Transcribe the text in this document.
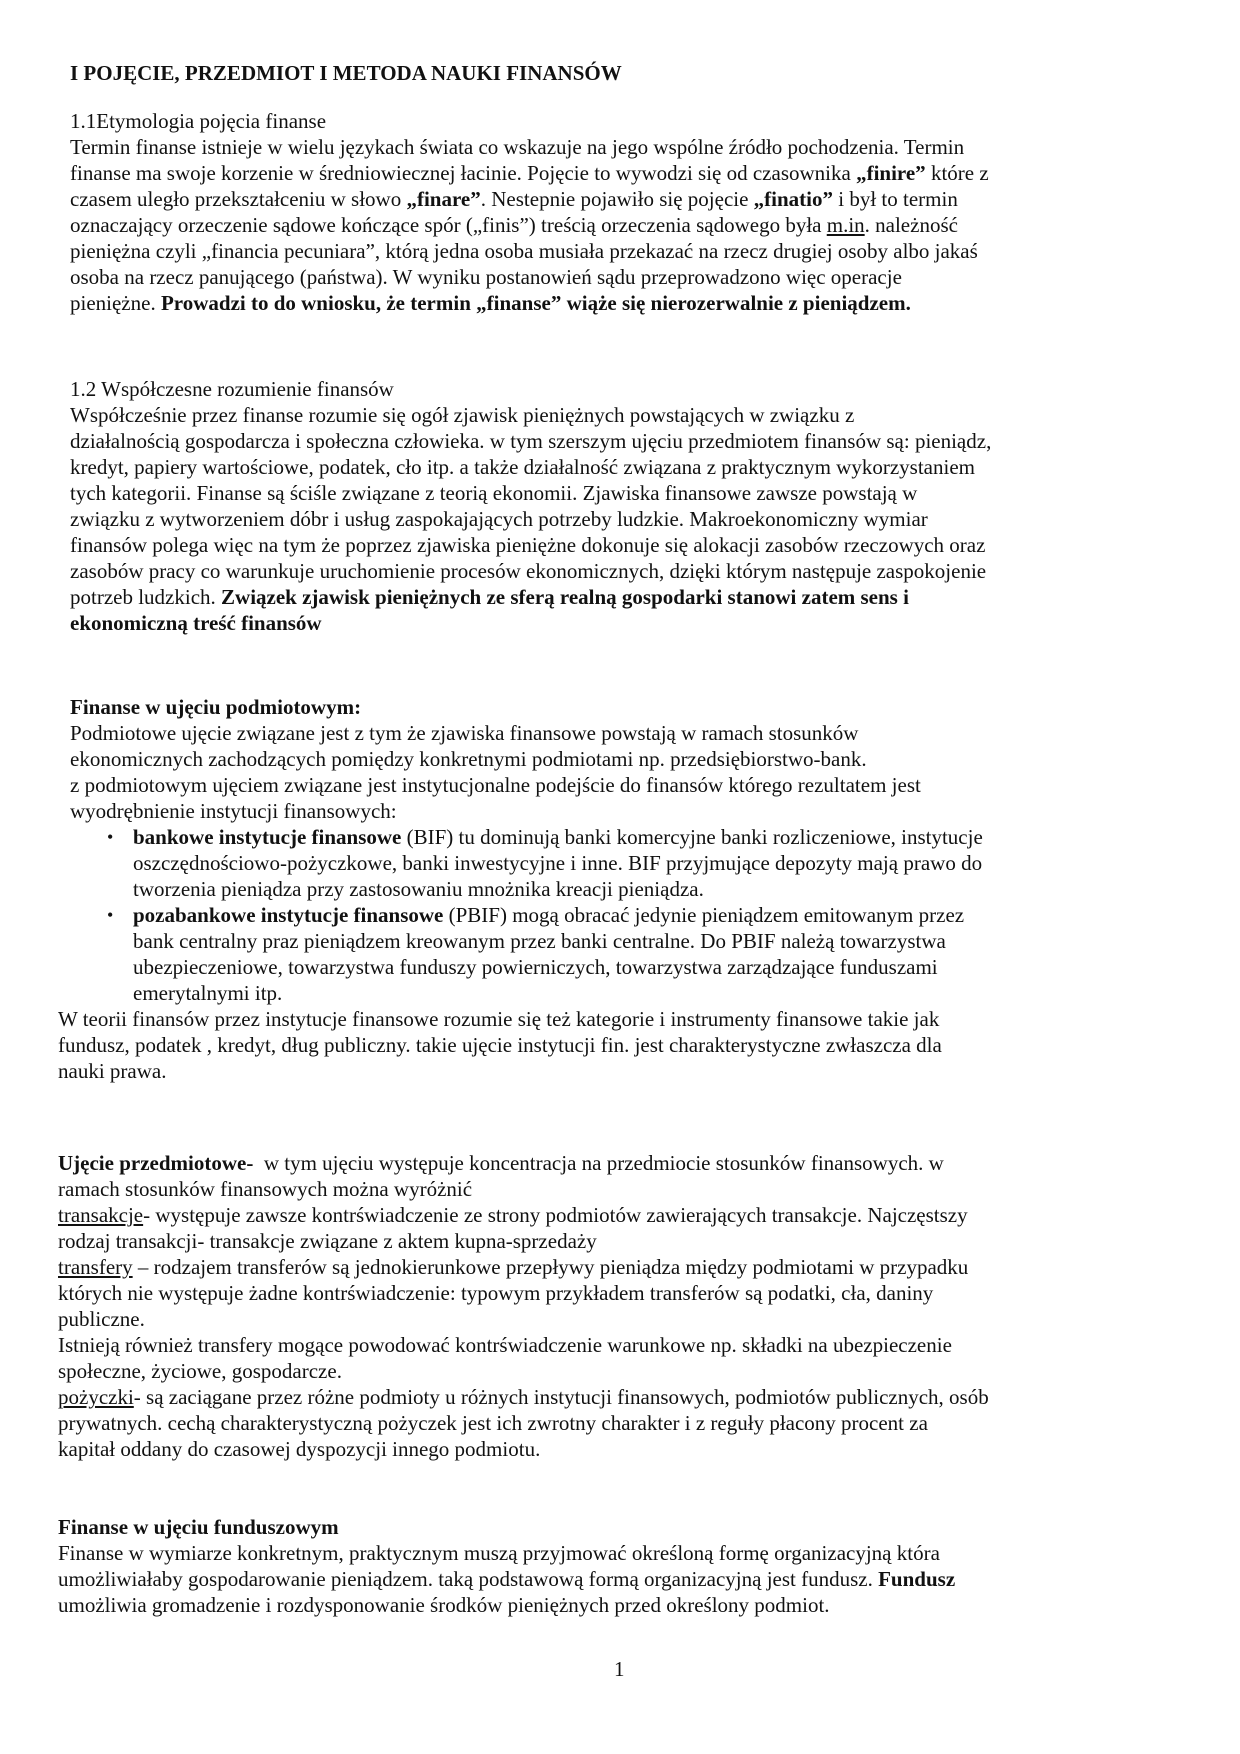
I POJĘCIE, PRZEDMIOT I METODA NAUKI FINANSÓW
1.1Etymologia pojęcia finanse
Termin finanse istnieje w wielu językach świata co wskazuje na jego wspólne źródło pochodzenia. Termin
finanse ma swoje korzenie w średniowiecznej łacinie. Pojęcie to wywodzi się od czasownika „finire” które z
czasem uległo przekształceniu w słowo „finare”. Nestepnie pojawiło się pojęcie „finatio” i był to termin
oznaczający orzeczenie sądowe kończące spór („finis”) treścią orzeczenia sądowego była m.in. należność
pieniężna czyli „financia pecuniara”, którą jedna osoba musiała przekazać na rzecz drugiej osoby albo jakaś
osoba na rzecz panującego (państwa). W wyniku postanowień sądu przeprowadzono więc operacje
pieniężne. Prowadzi to do wniosku, że termin „finanse” wiąże się nierozerwalnie z pieniądzem.
1.2 Współczesne rozumienie finansów
Współcześnie przez finanse rozumie się ogół zjawisk pieniężnych powstających w związku z
działalnością gospodarcza i społeczna człowieka. w tym szerszym ujęciu przedmiotem finansów są: pieniądz,
kredyt, papiery wartościowe, podatek, cło itp. a także działalność związana z praktycznym wykorzystaniem
tych kategorii. Finanse są ściśle związane z teorią ekonomii. Zjawiska finansowe zawsze powstają w
związku z wytworzeniem dóbr i usług zaspokajających potrzeby ludzkie. Makroekonomiczny wymiar
finansów polega więc na tym że poprzez zjawiska pieniężne dokonuje się alokacji zasobów rzeczowych oraz
zasobów pracy co warunkuje uruchomienie procesów ekonomicznych, dzięki którym następuje zaspokojenie
potrzeb ludzkich. Związek zjawisk pieniężnych ze sferą realną gospodarki stanowi zatem sens i
ekonomiczną treść finansów
Finanse w ujęciu podmiotowym:
Podmiotowe ujęcie związane jest z tym że zjawiska finansowe powstają w ramach stosunków
ekonomicznych zachodzących pomiędzy konkretnymi podmiotami np. przedsiębiorstwo-bank.
z podmiotowym ujęciem związane jest instytucjonalne podejście do finansów którego rezultatem jest
wyodrębnienie instytucji finansowych:
• bankowe instytucje finansowe (BIF) tu dominują banki komercyjne banki rozliczeniowe, instytucje
oszczędnościowo-pożyczkowe, banki inwestycyjne i inne. BIF przyjmujące depozyty mają prawo do
tworzenia pieniądza przy zastosowaniu mnożnika kreacji pieniądza.
• pozabankowe instytucje finansowe (PBIF) mogą obracać jedynie pieniądzem emitowanym przez
bank centralny praz pieniądzem kreowanym przez banki centralne. Do PBIF należą towarzystwa
ubezpieczeniowe, towarzystwa funduszy powierniczych, towarzystwa zarządzające funduszami
emerytalnymi itp.
W teorii finansów przez instytucje finansowe rozumie się też kategorie i instrumenty finansowe takie jak
fundusz, podatek , kredyt, dług publiczny. takie ujęcie instytucji fin. jest charakterystyczne zwłaszcza dla
nauki prawa.
Ujęcie przedmiotowe-  w tym ujęciu występuje koncentracja na przedmiocie stosunków finansowych. w
ramach stosunków finansowych można wyróżnić
transakcje- występuje zawsze kontrświadczenie ze strony podmiotów zawierających transakcje. Najczęstszy
rodzaj transakcji- transakcje związane z aktem kupna-sprzedaży
transfery – rodzajem transferów są jednokierunkowe przepływy pieniądza między podmiotami w przypadku
których nie występuje żadne kontrświadczenie: typowym przykładem transferów są podatki, cła, daniny
publiczne.
Istnieją również transfery mogące powodować kontrświadczenie warunkowe np. składki na ubezpieczenie
społeczne, życiowe, gospodarcze.
pożyczki- są zaciągane przez różne podmioty u różnych instytucji finansowych, podmiotów publicznych, osób
prywatnych. cechą charakterystyczną pożyczek jest ich zwrotny charakter i z reguły płacony procent za
kapitał oddany do czasowej dyspozycji innego podmiotu.
Finanse w ujęciu funduszowym
Finanse w wymiarze konkretnym, praktycznym muszą przyjmować określoną formę organizacyjną która
umożliwiałaby gospodarowanie pieniądzem. taką podstawową formą organizacyjną jest fundusz. Fundusz
umożliwia gromadzenie i rozdysponowanie środków pieniężnych przed określony podmiot.
1
